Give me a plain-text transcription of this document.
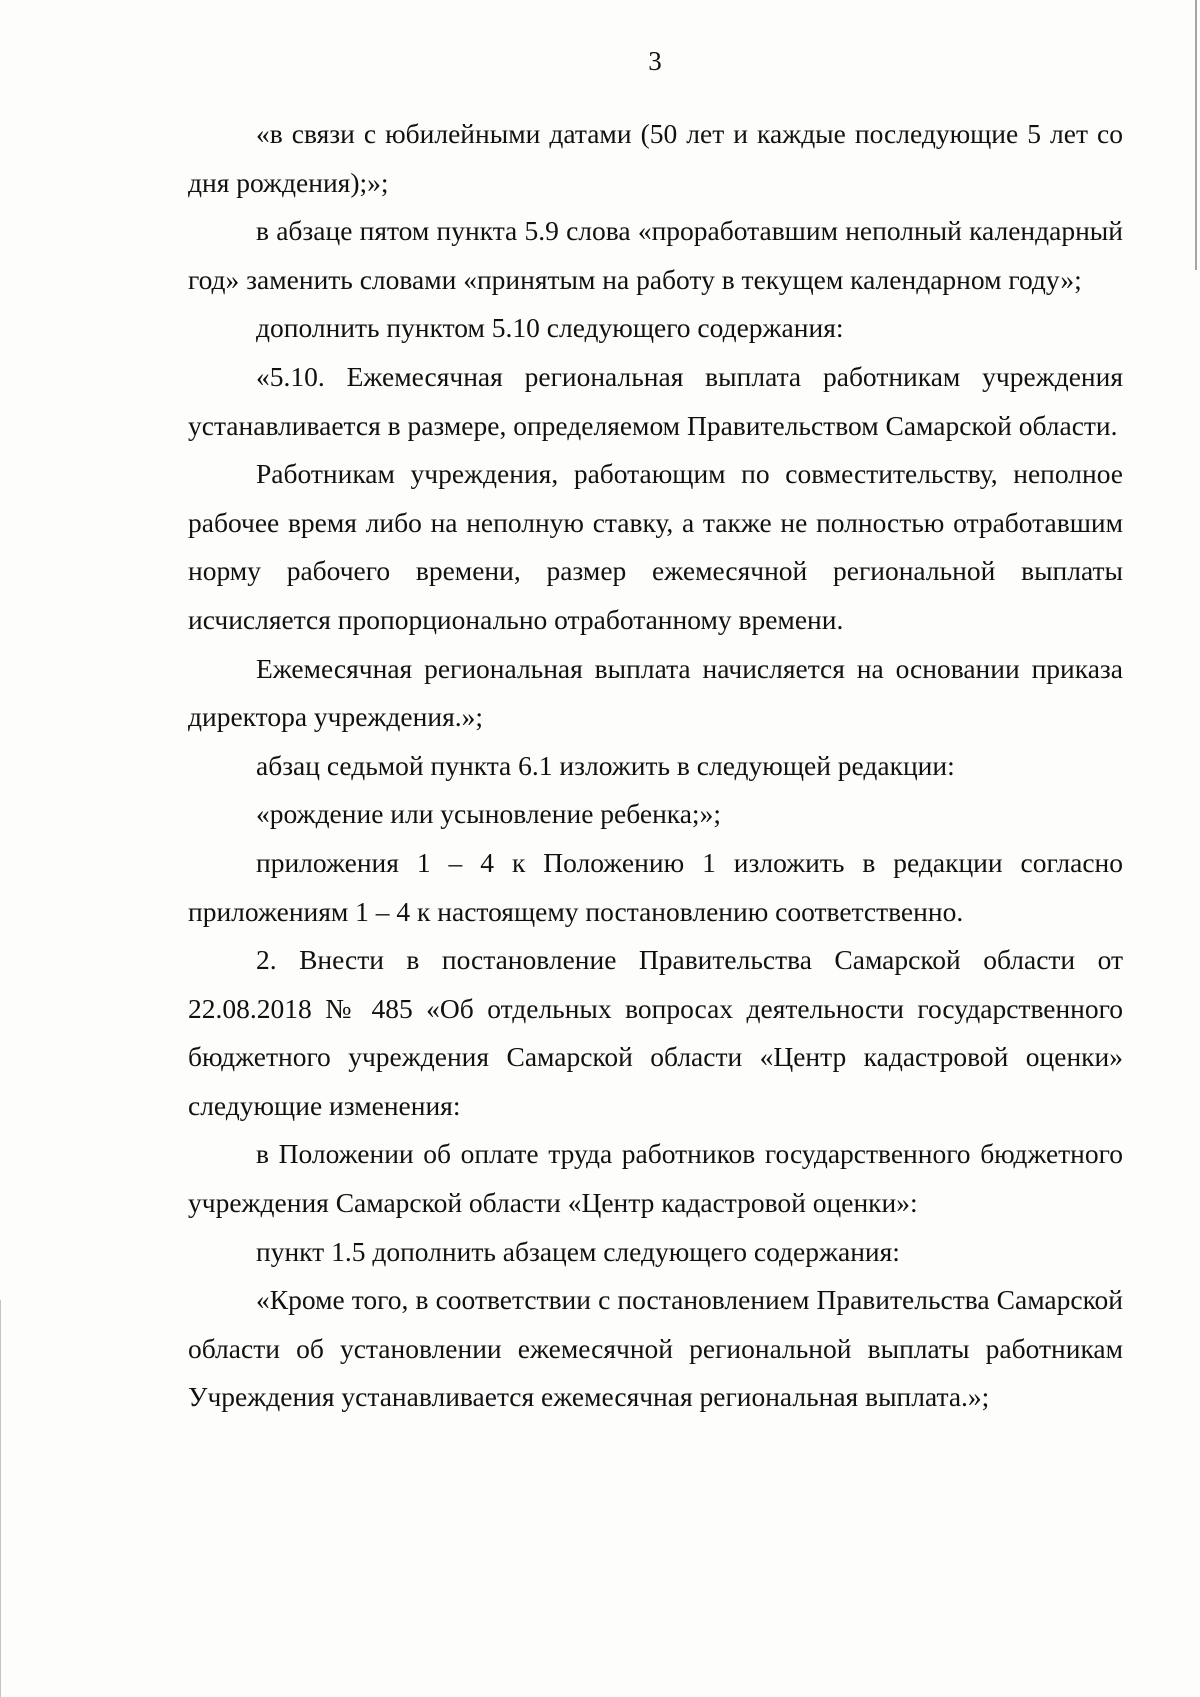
3

«в связи с юбилейными датами (50 лет и каждые последующие 5 лет со дня рождения);»;

в абзаце пятом пункта 5.9 слова «проработавшим неполный календарный год» заменить словами «принятым на работу в текущем календарном году»;

дополнить пунктом 5.10 следующего содержания:

«5.10. Ежемесячная региональная выплата работникам учреждения устанавливается в размере, определяемом Правительством Самарской области.

Работникам учреждения, работающим по совместительству, неполное рабочее время либо на неполную ставку, а также не полностью отработавшим норму рабочего времени, размер ежемесячной региональной выплаты исчисляется пропорционально отработанному времени.

Ежемесячная региональная выплата начисляется на основании приказа директора учреждения.»;

абзац седьмой пункта 6.1 изложить в следующей редакции:

«рождение или усыновление ребенка;»;

приложения 1 – 4 к Положению 1 изложить в редакции согласно приложениям 1 – 4 к настоящему постановлению соответственно.

2. Внести в постановление Правительства Самарской области от 22.08.2018 № 485 «Об отдельных вопросах деятельности государственного бюджетного учреждения Самарской области «Центр кадастровой оценки» следующие изменения:

в Положении об оплате труда работников государственного бюджетного учреждения Самарской области «Центр кадастровой оценки»:

пункт 1.5 дополнить абзацем следующего содержания:

«Кроме того, в соответствии с постановлением Правительства Самарской области об установлении ежемесячной региональной выплаты работникам Учреждения устанавливается ежемесячная региональная выплата.»;
